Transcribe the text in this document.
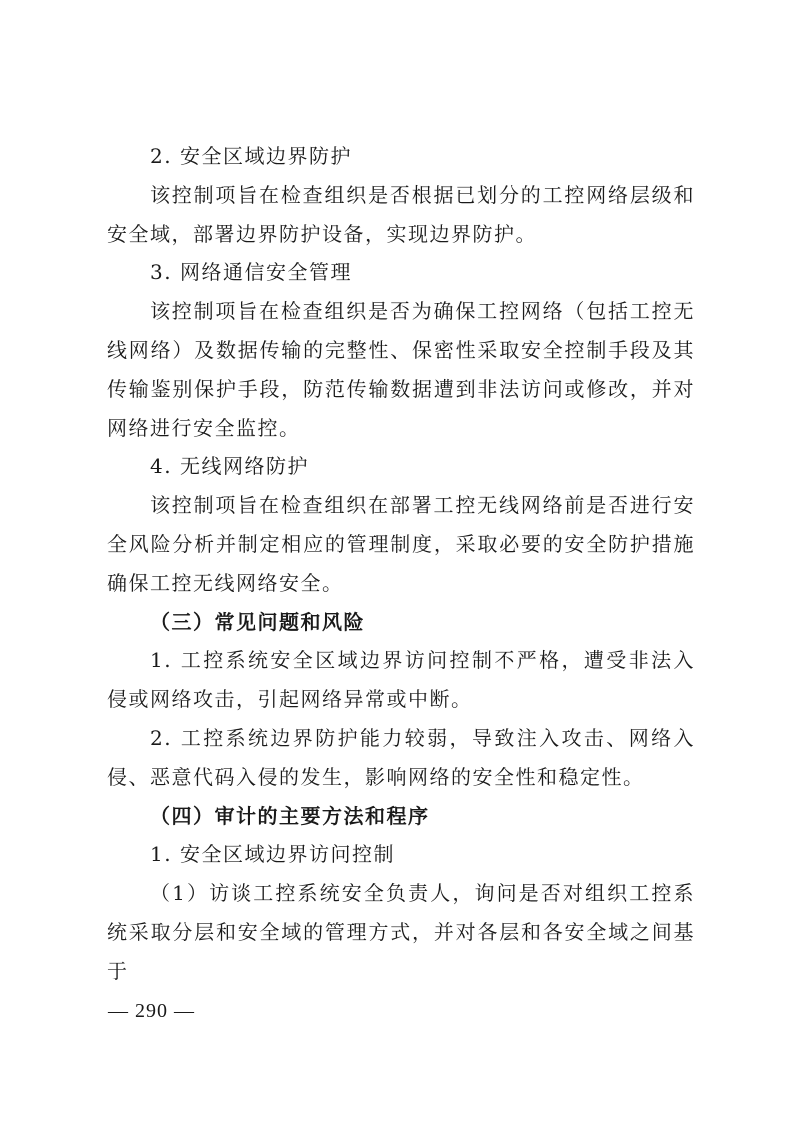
2. 安全区域边界防护

该控制项旨在检查组织是否根据已划分的工控网络层级和安全域，部署边界防护设备，实现边界防护。

3. 网络通信安全管理

该控制项旨在检查组织是否为确保工控网络（包括工控无线网络）及数据传输的完整性、保密性采取安全控制手段及其传输鉴别保护手段，防范传输数据遭到非法访问或修改，并对网络进行安全监控。

4. 无线网络防护

该控制项旨在检查组织在部署工控无线网络前是否进行安全风险分析并制定相应的管理制度，采取必要的安全防护措施确保工控无线网络安全。

（三）常见问题和风险

1. 工控系统安全区域边界访问控制不严格，遭受非法入侵或网络攻击，引起网络异常或中断。

2. 工控系统边界防护能力较弱，导致注入攻击、网络入侵、恶意代码入侵的发生，影响网络的安全性和稳定性。

（四）审计的主要方法和程序

1. 安全区域边界访问控制

（1）访谈工控系统安全负责人，询问是否对组织工控系统采取分层和安全域的管理方式，并对各层和各安全域之间基于

— 290 —
